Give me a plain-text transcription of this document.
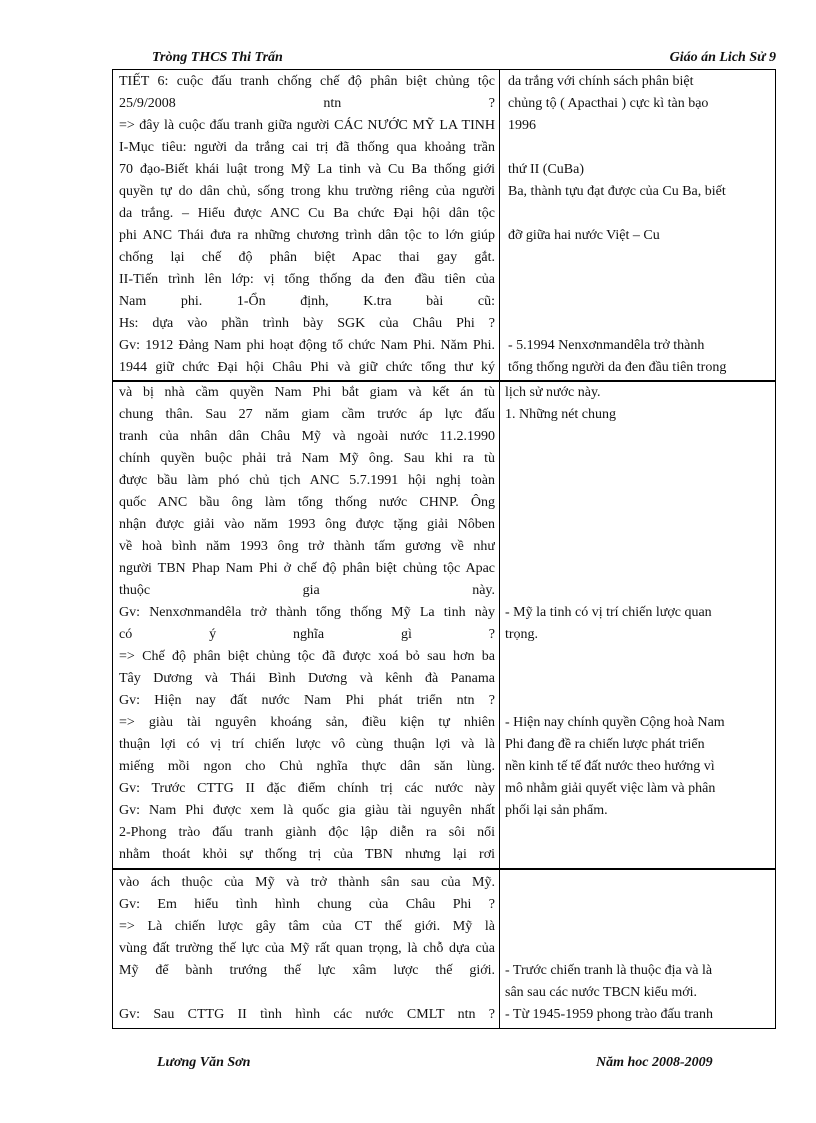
Tròng THCS Thi Trấn	Giáo án Lich Sử 9
TIẾT 6: cuộc đấu tranh chống chế độ phân biệt chủng tộc
25/9/2008 ntn ?
=> đây là cuộc đấu tranh giữa người CÁC NƯỚC MỸ LA TINH
I-Mục tiêu: người da trắng cai trị đã thống qua khoảng trần
70 đạo-Biết khái luật trong Mỹ La tinh và Cu Ba thống giới
quyền tự do dân chủ, sống trong khu trường riêng của người
da trắng. – Hiểu được ANC Cu Ba chức Đại hội dân tộc
phi ANC Thái đưa ra những chương trình dân tộc to lớn giúp
chống lại chế độ phân biệt Apac thai gay gắt.
II-Tiến trình lên lớp: vị tổng thống da đen đầu tiên của
Nam phi. 1-Ổn định, K.tra bài cũ:
Hs: dựa vào phần trình bày SGK của Châu Phi ?
Gv: 1912 Đảng Nam phi hoạt động tổ chức Nam Phi. Năm Phi.
1944 giữ chức Đại hội Châu Phi và giữ chức tổng thư ký
da trắng với chính sách phân biệt
chủng tộ ( Apacthai ) cực kì tàn bạo
1996

thứ II (CuBa)
Ba, thành tựu đạt được của Cu Ba, biết

đỡ giữa hai nước Việt – Cu

- 5.1994 Nenxơnmandêla trở thành
tổng thống người da đen đầu tiên trong
và bị nhà cầm quyền Nam Phi bắt giam và kết án tù
chung thân. Sau 27 năm giam cầm trước áp lực đấu
tranh của nhân dân Châu Mỹ và ngoài nước 11.2.1990
chính quyền buộc phải trả Nam Mỹ ông. Sau khi ra tù
được bầu làm phó chủ tịch ANC 5.7.1991 hội nghị toàn
quốc ANC bầu ông làm tổng thống nước CHNP. Ông
nhận được giải vào năm 1993 ông được tặng giải Nôben
về hoà bình năm 1993 ông trở thành tấm gương về như
người TBN Phap Nam Phi ở chế độ phân biệt chủng tộc Apac
thuộc gia này.
Gv: Nenxơnmandêla trở thành tổng thống Mỹ La tinh này
có ý nghĩa gì ?
=> Chế độ phân biệt chủng tộc đã được xoá bỏ sau hơn ba
Tây Dương và Thái Bình Dương và kênh đà Panama
Gv: Hiện nay đất nước Nam Phi phát triển ntn ?
=> giàu tài nguyên khoáng sản, điều kiện tự nhiên
thuận lợi có vị trí chiến lược vô cùng thuận lợi và là
miếng mồi ngon cho Chủ nghĩa thực dân săn lùng.
Gv: Trước CTTG II đặc điểm chính trị các nước này
Gv: Nam Phi được xem là quốc gia giàu tài nguyên nhất
2-Phong trào đấu tranh giành độc lập diễn ra sôi nổi
nhằm thoát khỏi sự thống trị của TBN nhưng lại rơi
lịch sử nước này.
1. Những nét chung

- Mỹ la tinh có vị trí chiến lược quan
trọng.

- Hiện nay chính quyền Cộng hoà Nam
Phi đang đề ra chiến lược phát triển
nền kinh tế tế đất nước theo hướng vì
mô nhằm giải quyết việc làm và phân
phối lại sản phẩm.
vào ách thuộc của Mỹ và trở thành sân sau của Mỹ.
Gv: Em hiểu tình hình chung của Châu Phi ?
=> Là chiến lược gây tâm của CT thế giới. Mỹ là
vùng đất trường thế lực của Mỹ rất quan trọng, là chỗ dựa của
Mỹ để bành trướng thế lực xâm lược thế giới.

Gv: Sau CTTG II tình hình các nước CMLT ntn ?

- Trước chiến tranh là thuộc địa và là
sân sau các nước TBCN kiểu mới.
- Từ 1945-1959 phong trào đấu tranh
Lương Văn Sơn	Năm hoc 2008-2009
